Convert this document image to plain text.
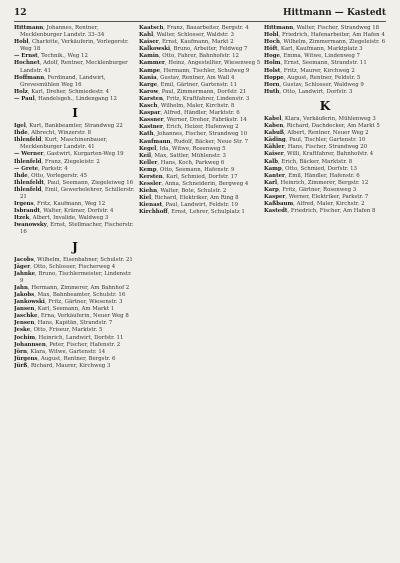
12	Hittmann — Kastedt

Hittmann, Johannes, Rentner, Mecklenburger Landstr. 33–34

Hobl, Charlotte, Verkäuferin, Vorlegerstr. Weg 18

— Ernst, Technik., Weg 12

Hochnet, Adolf, Rentner, Mecklenburger Landstr. 41

Hoffmann, Ferdinand, Landwirt, Grevesmühlen Weg 16

Holz, Karl, Dreher, Schmiedestr. 4

— Paul, Handelsgeh., Lindengang 12

I

Igel, Kurt, Bankbeamter, Strandweg 22

Ihde, Albrecht, Winzerstr. 8

Ihlenfeld, Kurt, Maschinenbauer, Mecklenburger Landstr. 41

— Werner, Gastwirt, Kurgarten-Weg 19

Ihlenfeld, Franz, Ziegeleistr. 2

— Grete, Parkstr. 4

Ihde, Otto, Vorlegerstr. 45

Ihlenfeldt, Paul, Seemann, Ziegeleiweg 16

Ihlenfeld, Emil, Gewerbelehrer, Schillerstr. 21

Irgens, Fritz, Kaufmann, Weg 12

Isbrandt, Walter, Krämer, Dorfstr. 4

Itzek, Albert, Invalide, Waldweg 3

Iwanowsky, Ernst, Stellmacher, Fischerstr. 16

J

Jacobs, Wilhelm, Eisenbahner, Schulstr. 21

Jäger, Otto, Schlosser, Fischerweg 4

Jahnke, Bruno, Tischlermeister, Lindenstr. 9

Jahn, Hermann, Zimmerer, Am Bahnhof 2

Jakobs, Max, Bahnbeamter, Schulstr. 16

Jankowski, Fritz, Gärtner, Wiesenstr. 3

Jansen, Karl, Seemann, Am Markt 1

Jaschke, Erna, Verkäuferin, Neuer Weg 8

Jensen, Hans, Kapitän, Strandstr. 7

Jeske, Otto, Friseur, Marktstr. 5

Jochim, Heinrich, Landwirt, Dorfstr. 11

Johannsen, Peter, Fischer, Hafenstr. 2

Jörn, Klara, Witwe, Gartenstr. 14

Jürgens, August, Rentner, Bergstr. 6

Jürß, Richard, Maurer, Kirchweg 3

Kaatsch, Franz, Bauarbeiter, Bergstr. 4

Kahl, Walter, Schlosser, Waldstr. 3

Kaiser, Ernst, Kaufmann, Markt 2

Kalkowski, Bruno, Arbeiter, Feldweg 7

Kamin, Otto, Fahrer, Bahnhofstr. 12

Kammer, Heinz, Angestellter, Wiesenweg 5

Kampe, Hermann, Tischler, Schulweg 9

Kania, Gustav, Rentner, Am Wall 4

Karge, Emil, Gärtner, Gartenstr. 11

Karow, Paul, Zimmermann, Dorfstr. 21

Karsten, Fritz, Kraftfahrer, Lindenstr. 3

Kasch, Wilhelm, Maler, Kirchstr. 8

Kaspar, Alfred, Händler, Marktstr. 6

Kassner, Werner, Dreher, Fabrikstr. 14

Kastner, Erich, Heizer, Hafenweg 2

Kath, Johannes, Fischer, Strandweg 10

Kaufmann, Rudolf, Bäcker, Neue Str. 7

Kegel, Ida, Witwe, Rosenweg 5

Keil, Max, Sattler, Mühlenstr. 3

Keller, Hans, Koch, Parkweg 6

Kemp, Otto, Seemann, Hafenstr. 9

Kersten, Karl, Schmied, Dorfstr. 17

Kessler, Anna, Schneiderin, Bergweg 4

Kiehn, Walter, Bote, Schulstr. 2

Kiel, Richard, Elektriker, Am Ring 8

Kienast, Paul, Landwirt, Feldstr. 19

Kirchhoff, Ernst, Lehrer, Schulplatz 1

Hittmann, Walter, Fischer, Strandweg 18

Hobl, Friedrich, Hafenarbeiter, Am Hafen 4

Hoch, Wilhelm, Zimmermann, Ziegeleistr. 6

Höft, Karl, Kaufmann, Marktplatz 3

Hoge, Emma, Witwe, Lindenweg 7

Holm, Ernst, Seemann, Strandstr. 11

Holst, Fritz, Maurer, Kirchweg 2

Hoppe, August, Rentner, Feldstr. 5

Horn, Gustav, Schlosser, Waldweg 9

Huth, Otto, Landwirt, Dorfstr. 3

K

Kabel, Klara, Verkäuferin, Mühlenweg 3

Kaben, Richard, Dachdecker, Am Markt 5

Kabuß, Albert, Rentner, Neuer Weg 2

Käding, Paul, Tischler, Gartenstr. 10

Kähler, Hans, Fischer, Strandweg 20

Kaiser, Willi, Kraftfahrer, Bahnhofstr. 4

Kalb, Erich, Bäcker, Marktstr. 8

Kamp, Otto, Schmied, Dorfstr. 13

Kanter, Emil, Händler, Hafenstr. 6

Karl, Heinrich, Zimmerer, Bergstr. 12

Karp, Fritz, Gärtner, Rosenweg 3

Kasper, Werner, Elektriker, Parkstr. 7

Kaßbaum, Alfred, Maler, Kirchstr. 2

Kastedt, Friedrich, Fischer, Am Hafen 8
